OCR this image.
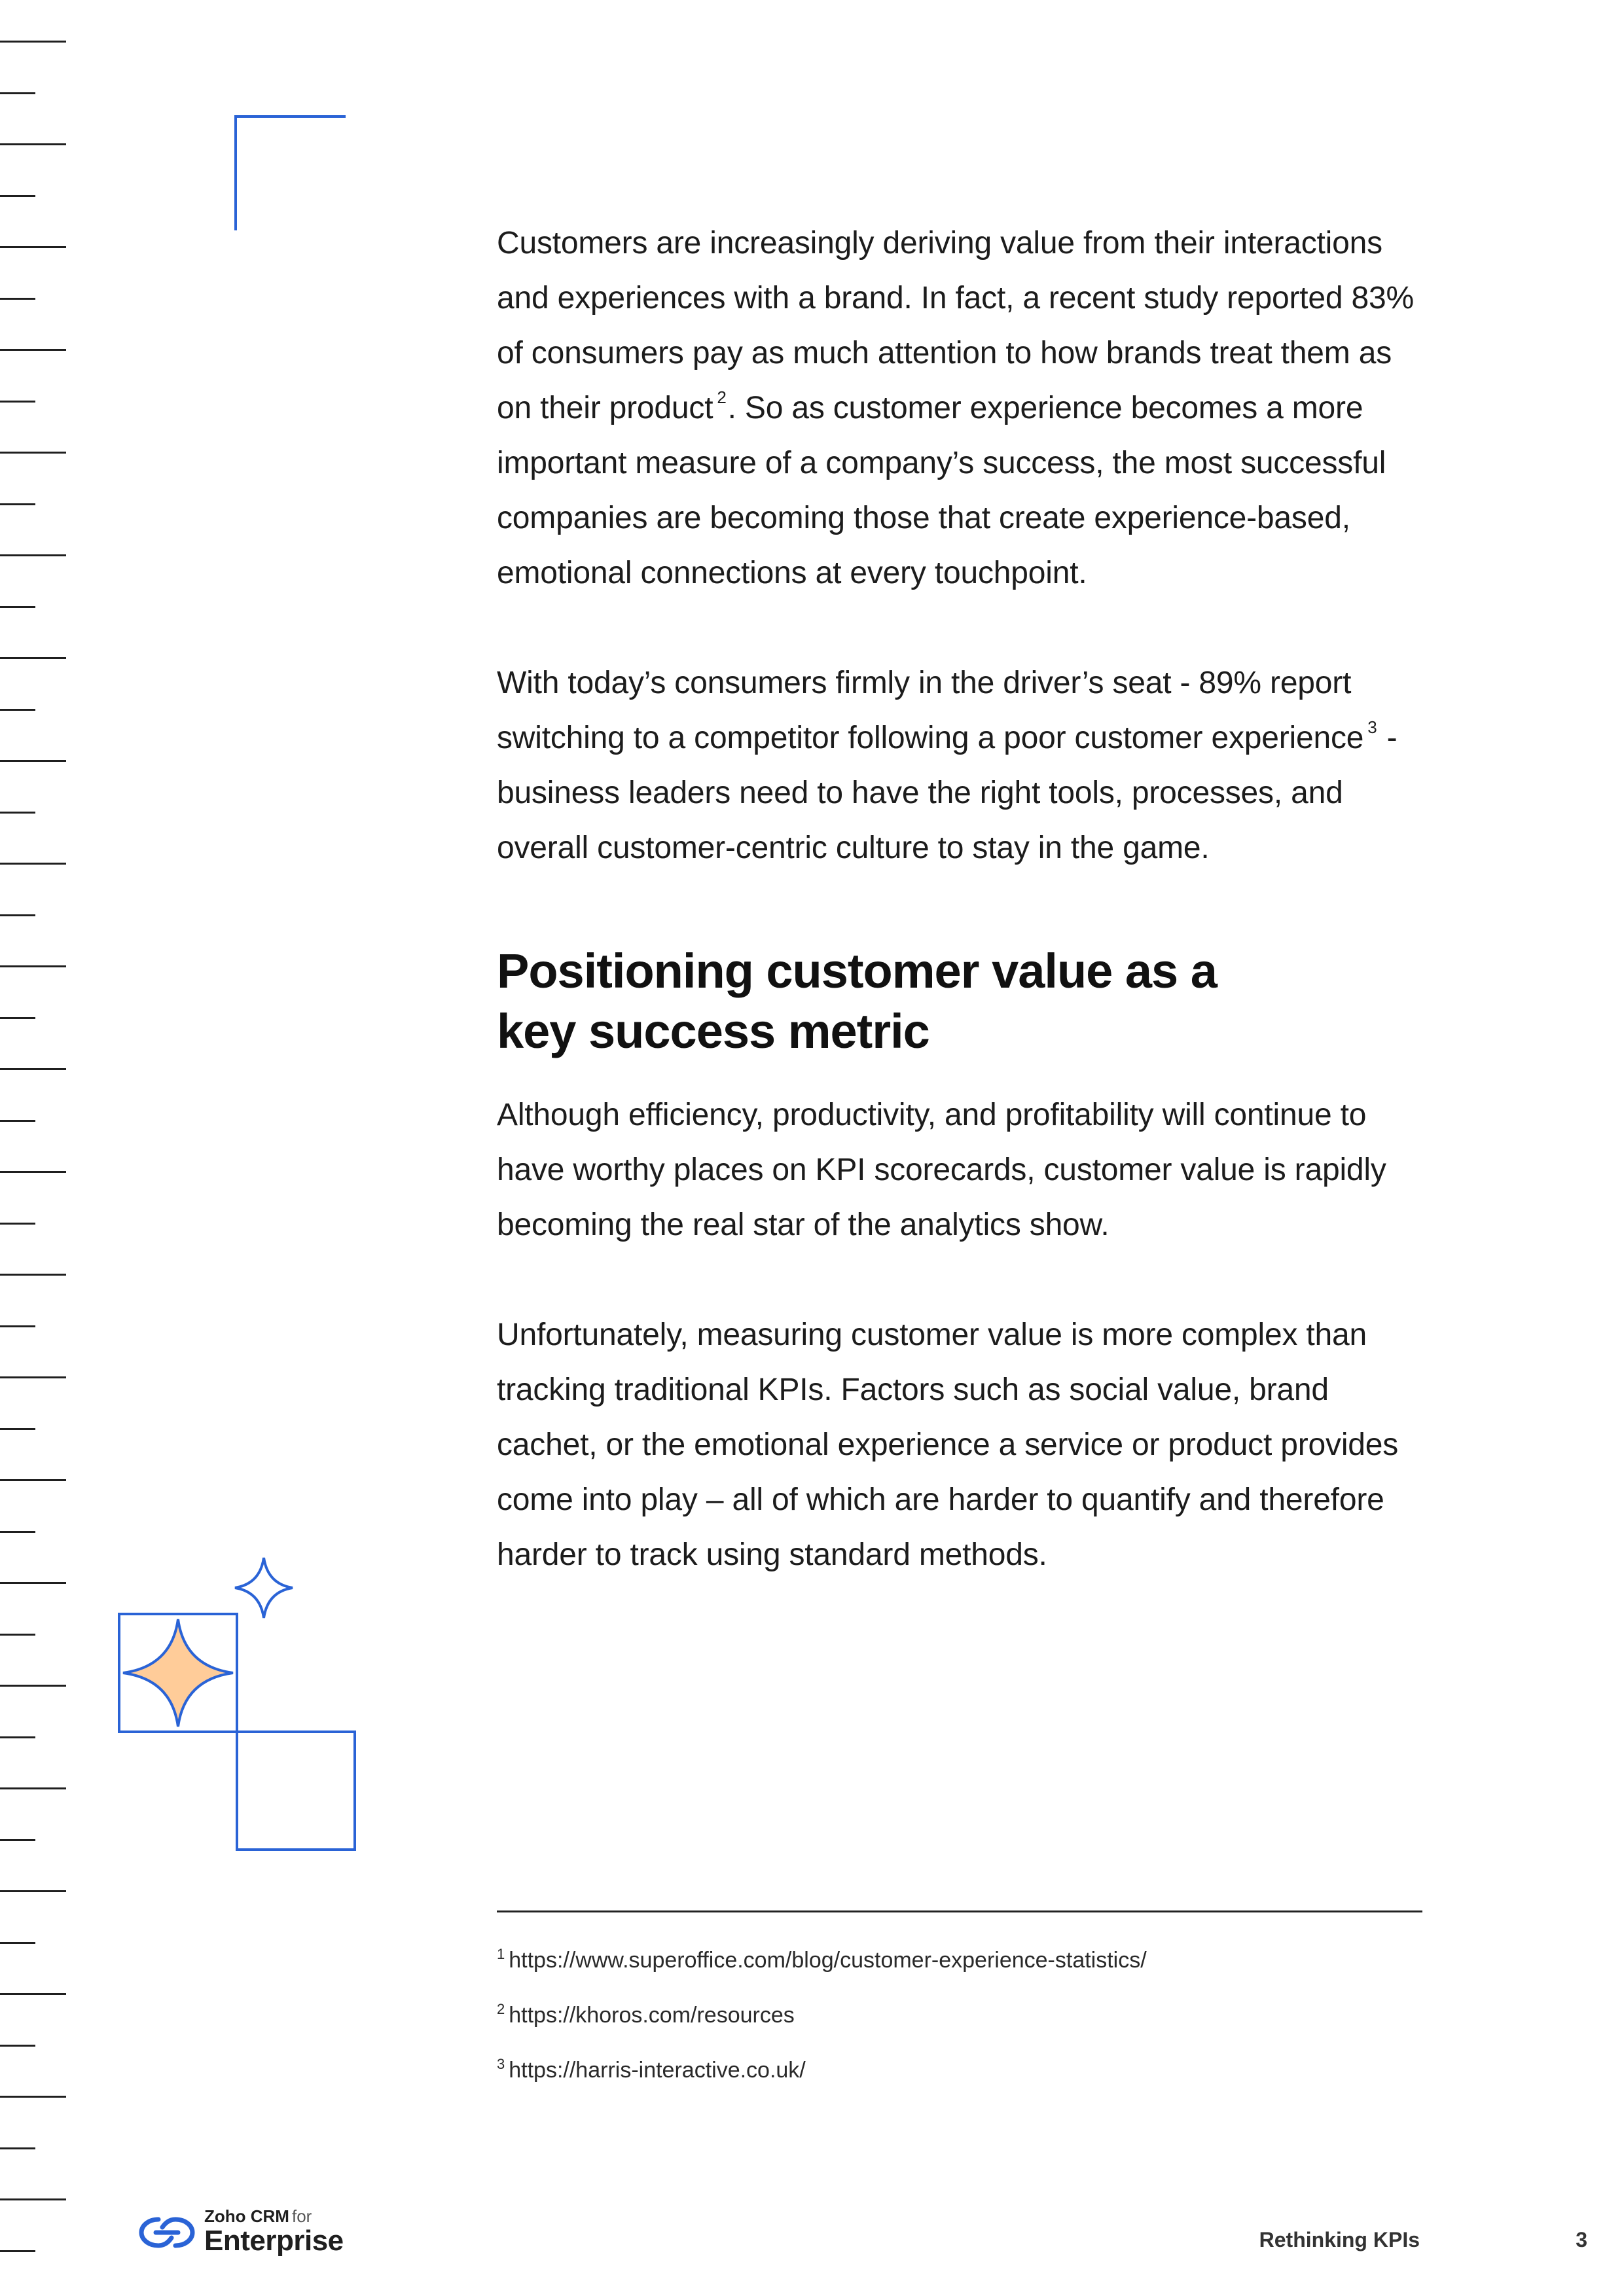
Customers are increasingly deriving value from their interactions and experiences with a brand. In fact, a recent study reported 83% of consumers pay as much attention to how brands treat them as on their product $^2$. So as customer experience becomes a more important measure of a company’s success, the most successful companies are becoming those that create experience-based, emotional connections at every touchpoint.

With today’s consumers firmly in the driver’s seat - 89% report switching to a competitor following a poor customer experience $^3$ - business leaders need to have the right tools, processes, and overall customer-centric culture to stay in the game.

Positioning customer value as a
key success metric

Although efficiency, productivity, and profitability will continue to have worthy places on KPI scorecards, customer value is rapidly becoming the real star of the analytics show.

Unfortunately, measuring customer value is more complex than tracking traditional KPIs. Factors such as social value, brand cachet, or the emotional experience a service or product provides come into play – all of which are harder to quantify and therefore harder to track using standard methods.

$^1$ https://www.superoffice.com/blog/customer-experience-statistics/

$^2$ https://khoros.com/resources

$^3$ https://harris-interactive.co.uk/

Zoho CRM for
Enterprise	Rethinking KPIs	3
